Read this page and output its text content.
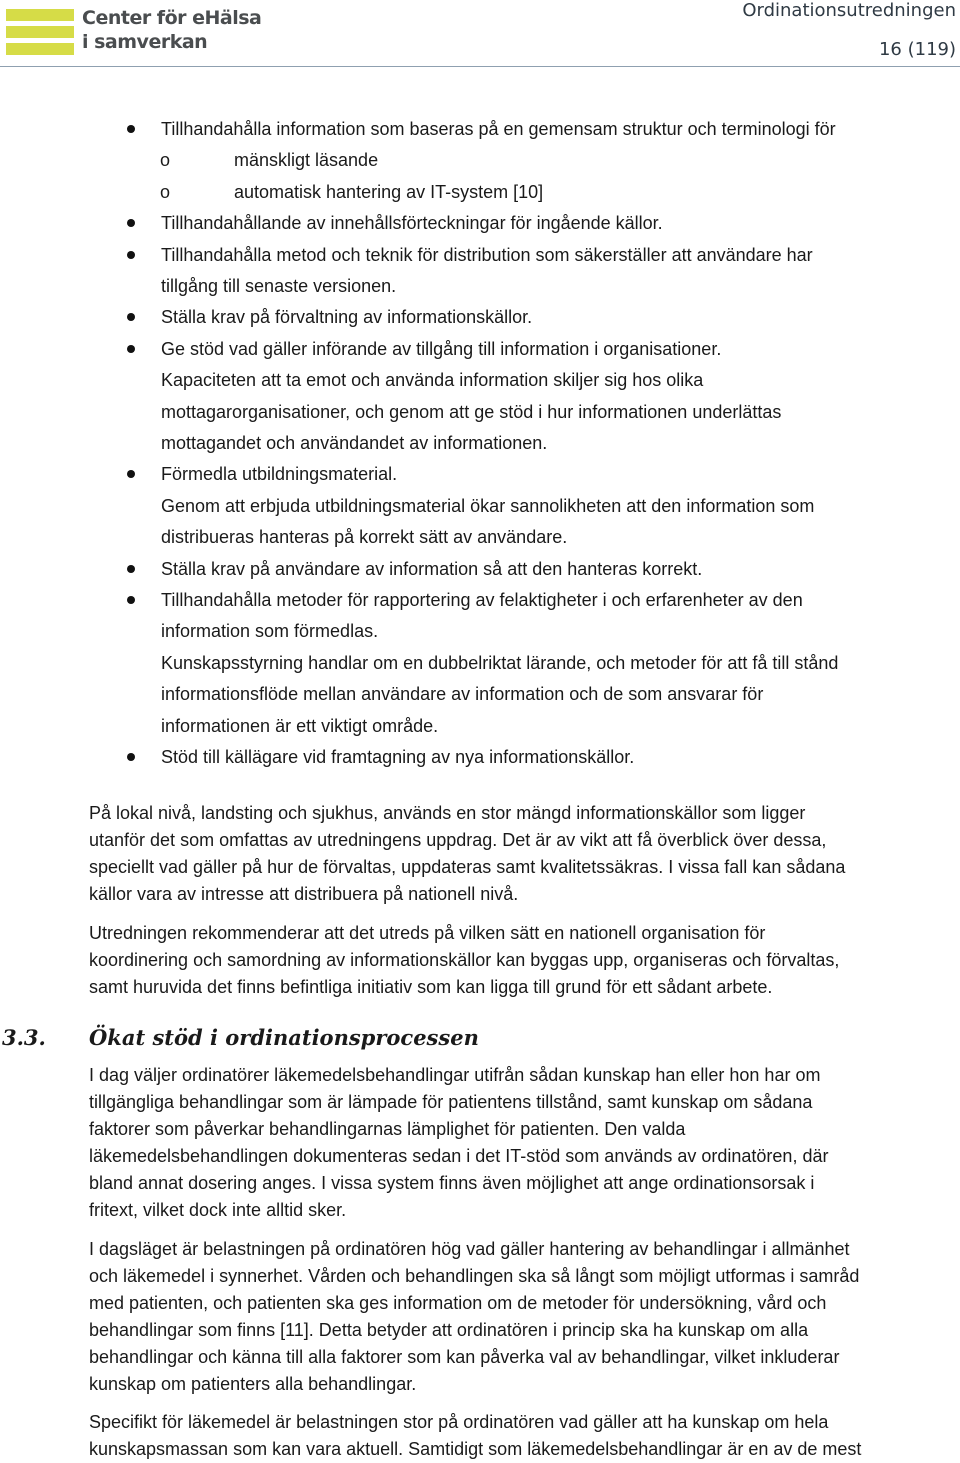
Center för eHälsa
i samverkan
Ordinationsutredningen
16 (119)
Tillhandahålla information som baseras på en gemensam struktur och terminologi för
o	mänskligt läsande
o	automatisk hantering av IT-system [10]
Tillhandahållande av innehållsförteckningar för ingående källor.
Tillhandahålla metod och teknik för distribution som säkerställer att användare har
tillgång till senaste versionen.
Ställa krav på förvaltning av informationskällor.
Ge stöd vad gäller införande av tillgång till information i organisationer.
Kapaciteten att ta emot och använda information skiljer sig hos olika
mottagarorganisationer, och genom att ge stöd i hur informationen underlättas
mottagandet och användandet av informationen.
Förmedla utbildningsmaterial.
Genom att erbjuda utbildningsmaterial ökar sannolikheten att den information som
distribueras hanteras på korrekt sätt av användare.
Ställa krav på användare av information så att den hanteras korrekt.
Tillhandahålla metoder för rapportering av felaktigheter i och erfarenheter av den
information som förmedlas.
Kunskapsstyrning handlar om en dubbelriktat lärande, och metoder för att få till stånd
informationsflöde mellan användare av information och de som ansvarar för
informationen är ett viktigt område.
Stöd till källägare vid framtagning av nya informationskällor.
På lokal nivå, landsting och sjukhus, används en stor mängd informationskällor som ligger
utanför det som omfattas av utredningens uppdrag. Det är av vikt att få överblick över dessa,
speciellt vad gäller på hur de förvaltas, uppdateras samt kvalitetssäkras. I vissa fall kan sådana
källor vara av intresse att distribuera på nationell nivå.
Utredningen rekommenderar att det utreds på vilken sätt en nationell organisation för
koordinering och samordning av informationskällor kan byggas upp, organiseras och förvaltas,
samt huruvida det finns befintliga initiativ som kan ligga till grund för ett sådant arbete.
3.3. Ökat stöd i ordinationsprocessen
I dag väljer ordinatörer läkemedelsbehandlingar utifrån sådan kunskap han eller hon har om
tillgängliga behandlingar som är lämpade för patientens tillstånd, samt kunskap om sådana
faktorer som påverkar behandlingarnas lämplighet för patienten. Den valda
läkemedelsbehandlingen dokumenteras sedan i det IT-stöd som används av ordinatören, där
bland annat dosering anges. I vissa system finns även möjlighet att ange ordinationsorsak i
fritext, vilket dock inte alltid sker.
I dagsläget är belastningen på ordinatören hög vad gäller hantering av behandlingar i allmänhet
och läkemedel i synnerhet. Vården och behandlingen ska så långt som möjligt utformas i samråd
med patienten, och patienten ska ges information om de metoder för undersökning, vård och
behandlingar som finns [11]. Detta betyder att ordinatören i princip ska ha kunskap om alla
behandlingar och känna till alla faktorer som kan påverka val av behandlingar, vilket inkluderar
kunskap om patienters alla behandlingar.
Specifikt för läkemedel är belastningen stor på ordinatören vad gäller att ha kunskap om hela
kunskapsmassan som kan vara aktuell. Samtidigt som läkemedelsbehandlingar är en av de mest
